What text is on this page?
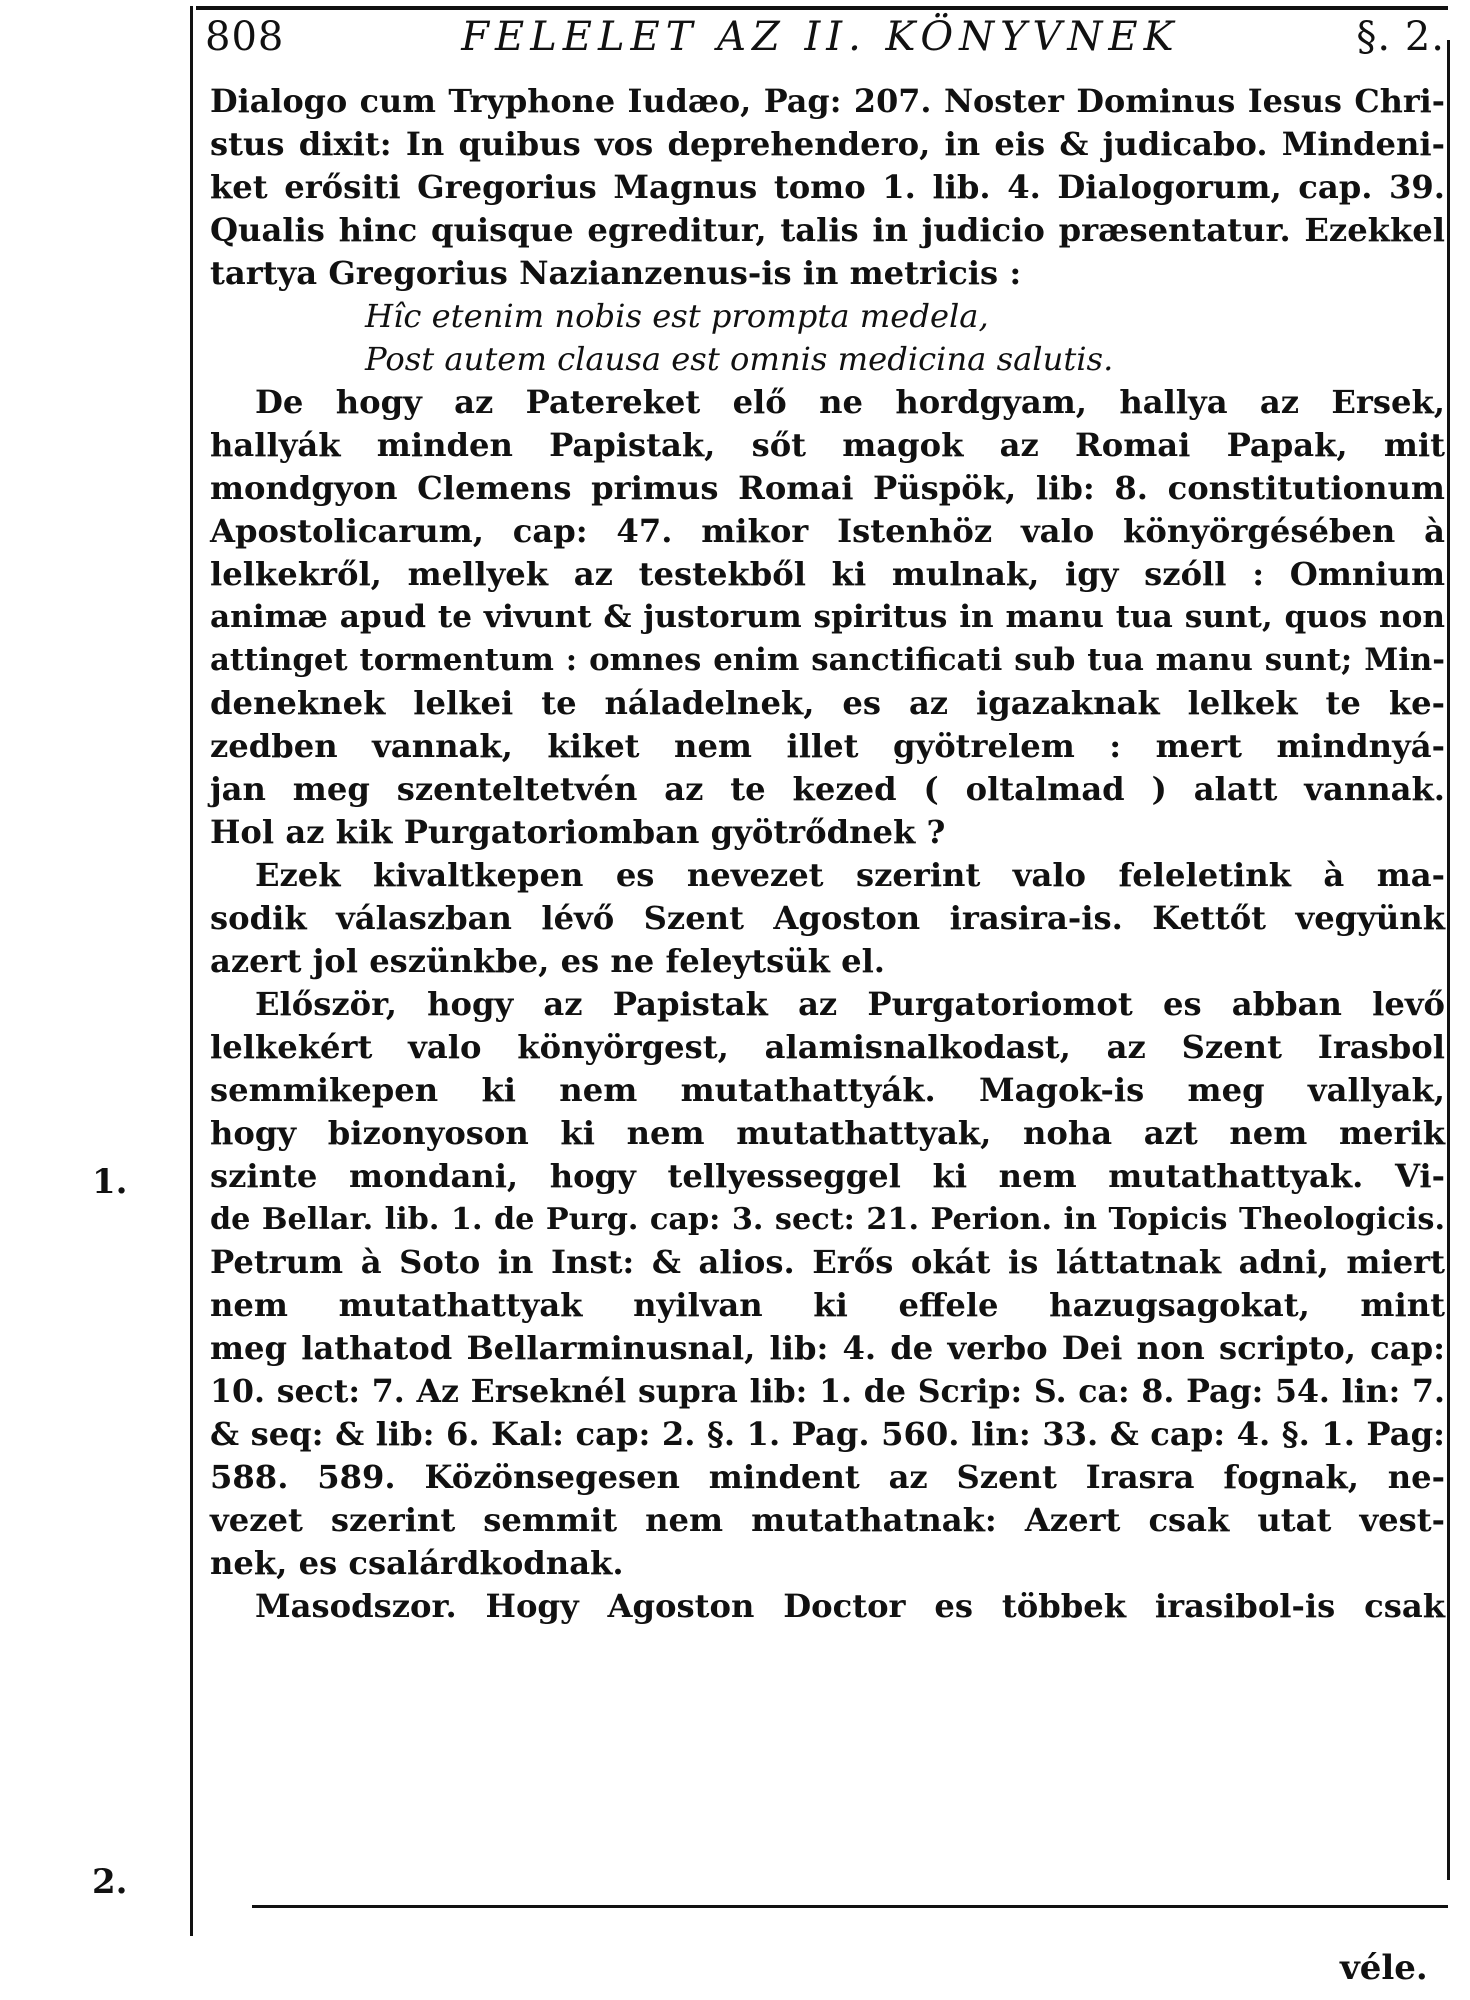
808	FELELET AZ II. KÖNYVNEK	§. 2.
Dialogo cum Tryphone Iudæo, Pag: 207. Noster Dominus Iesus Chri-
stus dixit: In quibus vos deprehendero, in eis & judicabo. Mindeni-
ket erősiti Gregorius Magnus tomo 1. lib. 4. Dialogorum, cap. 39.
Qualis hinc quisque egreditur, talis in judicio præsentatur. Ezekkel
tartya Gregorius Nazianzenus-is in metricis :
Hîc etenim nobis est prompta medela,
Post autem clausa est omnis medicina salutis.
De hogy az Patereket elő ne hordgyam, hallya az Ersek,
hallyák minden Papistak, sőt magok az Romai Papak, mit
mondgyon Clemens primus Romai Püspök, lib: 8. constitutionum
Apostolicarum, cap: 47. mikor Istenhöz valo könyörgésében à
lelkekről, mellyek az testekből ki mulnak, igy szóll : Omnium
animæ apud te vivunt & justorum spiritus in manu tua sunt, quos non
attinget tormentum : omnes enim sanctificati sub tua manu sunt; Min-
deneknek lelkei te náladelnek, es az igazaknak lelkek te ke-
zedben vannak, kiket nem illet gyötrelem : mert mindnyá-
jan meg szenteltetvén az te kezed ( oltalmad ) alatt vannak.
Hol az kik Purgatoriomban gyötrődnek ?
Ezek kivaltkepen es nevezet szerint valo feleletink à ma-
sodik válaszban lévő Szent Agoston irasira-is. Kettőt vegyünk
azert jol eszünkbe, es ne feleytsük el.
Először, hogy az Papistak az Purgatoriomot es abban levő
lelkekért valo könyörgest, alamisnalkodast, az Szent Irasbol
semmikepen ki nem mutathattyák. Magok-is meg vallyak,
hogy bizonyoson ki nem mutathattyak, noha azt nem merik
szinte mondani, hogy tellyesseggel ki nem mutathattyak. Vi-
de Bellar. lib. 1. de Purg. cap: 3. sect: 21. Perion. in Topicis Theologicis.
Petrum à Soto in Inst: & alios. Erős okát is láttatnak adni, miert
nem mutathattyak nyilvan ki effele hazugsagokat, mint
meg lathatod Bellarminusnal, lib: 4. de verbo Dei non scripto, cap:
10. sect: 7. Az Erseknél supra lib: 1. de Scrip: S. ca: 8. Pag: 54. lin: 7.
& seq: & lib: 6. Kal: cap: 2. §. 1. Pag. 560. lin: 33. & cap: 4. §. 1. Pag:
588. 589. Közönsegesen mindent az Szent Irasra fognak, ne-
vezet szerint semmit nem mutathatnak: Azert csak utat vest-
nek, es csalárdkodnak.
Masodszor. Hogy Agoston Doctor es többek irasibol-is csak
1.
2.
véle.
